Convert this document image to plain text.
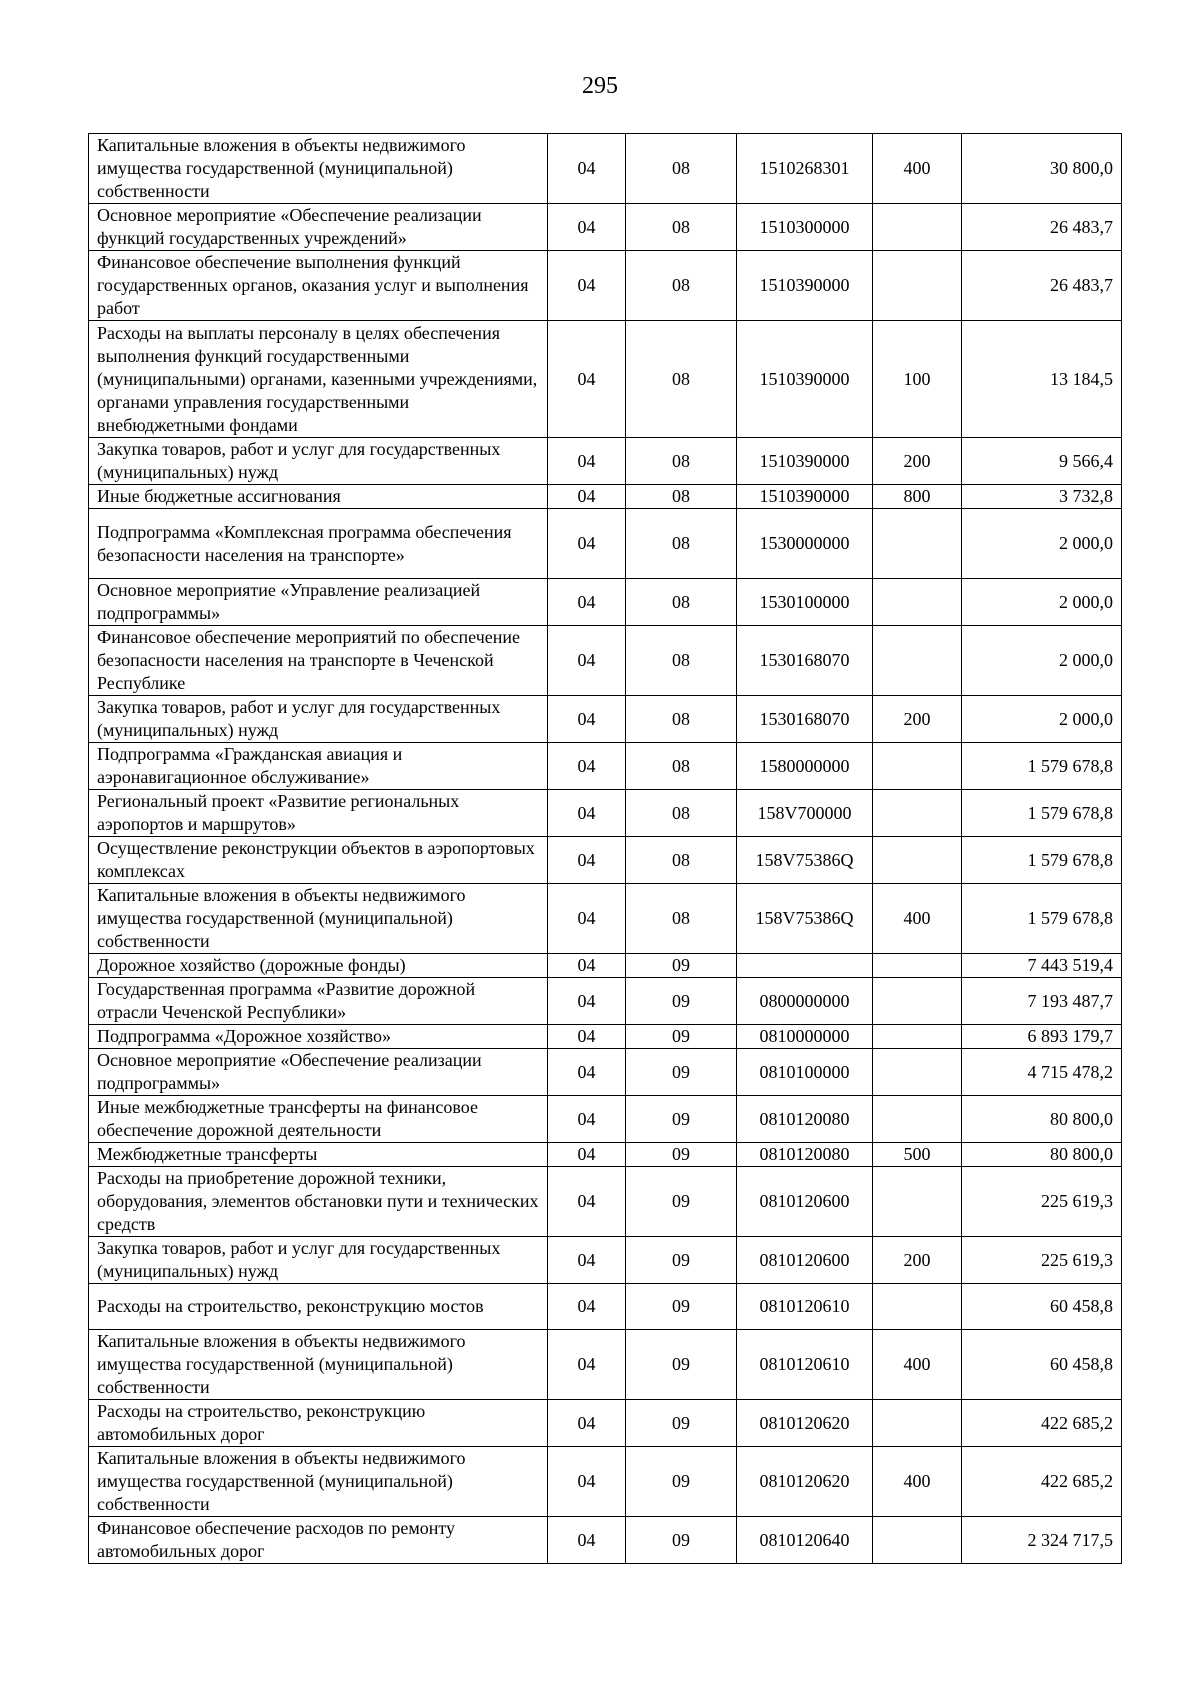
295
Капитальные вложения в объекты недвижимого имущества государственной (муниципальной) собственности	04	08	1510268301	400	30 800,0
Основное мероприятие «Обеспечение реализации функций государственных учреждений»	04	08	1510300000		26 483,7
Финансовое обеспечение выполнения функций государственных органов, оказания услуг и выполнения работ	04	08	1510390000		26 483,7
Расходы на выплаты персоналу в целях обеспечения выполнения функций государственными (муниципальными) органами, казенными учреждениями, органами управления государственными внебюджетными фондами	04	08	1510390000	100	13 184,5
Закупка товаров, работ и услуг для государственных (муниципальных) нужд	04	08	1510390000	200	9 566,4
Иные бюджетные ассигнования	04	08	1510390000	800	3 732,8
Подпрограмма «Комплексная программа обеспечения безопасности населения на транспорте»	04	08	1530000000		2 000,0
Основное мероприятие «Управление реализацией подпрограммы»	04	08	1530100000		2 000,0
Финансовое обеспечение мероприятий по обеспечение безопасности населения на транспорте в Чеченской Республике	04	08	1530168070		2 000,0
Закупка товаров, работ и услуг для государственных (муниципальных) нужд	04	08	1530168070	200	2 000,0
Подпрограмма «Гражданская авиация и аэронавигационное обслуживание»	04	08	1580000000		1 579 678,8
Региональный проект «Развитие региональных аэропортов и маршрутов»	04	08	158V700000		1 579 678,8
Осуществление реконструкции объектов в аэропортовых комплексах	04	08	158V75386Q		1 579 678,8
Капитальные вложения в объекты недвижимого имущества государственной (муниципальной) собственности	04	08	158V75386Q	400	1 579 678,8
Дорожное хозяйство (дорожные фонды)	04	09			7 443 519,4
Государственная программа «Развитие дорожной отрасли Чеченской Республики»	04	09	0800000000		7 193 487,7
Подпрограмма «Дорожное хозяйство»	04	09	0810000000		6 893 179,7
Основное мероприятие «Обеспечение реализации подпрограммы»	04	09	0810100000		4 715 478,2
Иные межбюджетные трансферты на финансовое обеспечение дорожной деятельности	04	09	0810120080		80 800,0
Межбюджетные трансферты	04	09	0810120080	500	80 800,0
Расходы на приобретение дорожной техники, оборудования, элементов обстановки пути и технических средств	04	09	0810120600		225 619,3
Закупка товаров, работ и услуг для государственных (муниципальных) нужд	04	09	0810120600	200	225 619,3
Расходы на строительство, реконструкцию мостов	04	09	0810120610		60 458,8
Капитальные вложения в объекты недвижимого имущества государственной (муниципальной) собственности	04	09	0810120610	400	60 458,8
Расходы на строительство, реконструкцию автомобильных дорог	04	09	0810120620		422 685,2
Капитальные вложения в объекты недвижимого имущества государственной (муниципальной) собственности	04	09	0810120620	400	422 685,2
Финансовое обеспечение расходов по ремонту автомобильных дорог	04	09	0810120640		2 324 717,5
